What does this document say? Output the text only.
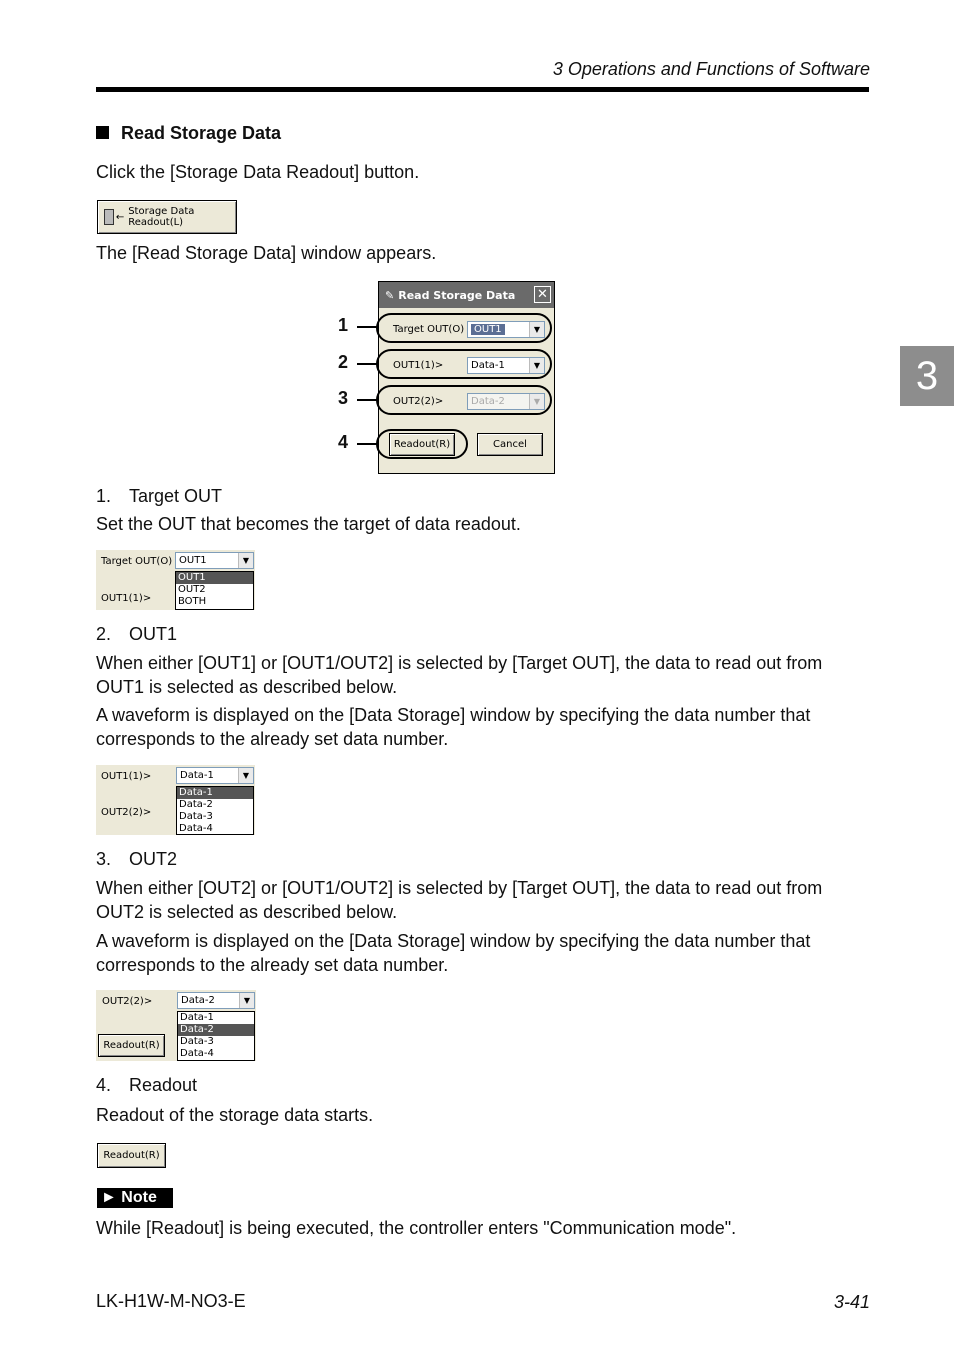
3 Operations and Functions of Software
3
Read Storage Data
Click the [Storage Data Readout] button.
← Storage Data Readout(L)
The [Read Storage Data] window appears.
✎ Read Storage Data ✕
Target OUT(O) OUT1	▼
OUT1(1)>	Data-1	▼
OUT2(2)>	Data-2	▼
Readout(R)	Cancel
1
2
3
4
1. Target OUT
Set the OUT that becomes the target of data readout.
Target OUT(O)
OUT1(1)>
OUT1	▼
OUT1
OUT2
BOTH
2. OUT1
When either [OUT1] or [OUT1/OUT2] is selected by [Target OUT], the data to read out from OUT1 is selected as described below.
A waveform is displayed on the [Data Storage] window by specifying the data number that corresponds to the already set data number.
OUT1(1)>
OUT2(2)>
Data-1	▼
Data-1
Data-2
Data-3
Data-4
3. OUT2
When either [OUT2] or [OUT1/OUT2] is selected by [Target OUT], the data to read out from OUT2 is selected as described below.
A waveform is displayed on the [Data Storage] window by specifying the data number that corresponds to the already set data number.
OUT2(2)>
Readout(R)
Data-2	▼
Data-1
Data-2
Data-3
Data-4
4. Readout
Readout of the storage data starts.
Readout(R)
► Note
While [Readout] is being executed, the controller enters "Communication mode".
LK-H1W-M-NO3-E	3-41
